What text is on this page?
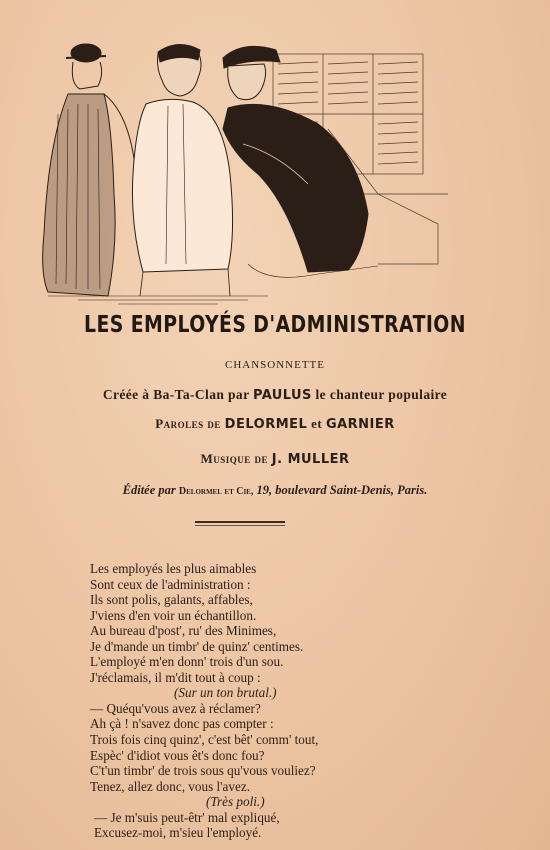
LES EMPLOYÉS D'ADMINISTRATION
CHANSONNETTE
Créée à Ba-Ta-Clan par PAULUS le chanteur populaire
Paroles de DELORMEL et GARNIER
Musique de J. MULLER
Éditée par Delormel et Cie, 19, boulevard Saint-Denis, Paris.
Les employés les plus aimables
Sont ceux de l'administration :
Ils sont polis, galants, affables,
J'viens d'en voir un échantillon.
Au bureau d'post', ru' des Minimes,
Je d'mande un timbr' de quinz' centimes.
L'employé m'en donn' trois d'un sou.
J'réclamais, il m'dit tout à coup :
(Sur un ton brutal.)
— Quéqu'vous avez à réclamer?
Ah çà ! n'savez donc pas compter :
Trois fois cinq quinz', c'est bêt' comm' tout,
Espèc' d'idiot vous êt's donc fou?
C't'un timbr' de trois sous qu'vous vouliez?
Tenez, allez donc, vous l'avez.
(Très poli.)
— Je m'suis peut-êtr' mal expliqué,
Excusez-moi, m'sieu l'employé.
